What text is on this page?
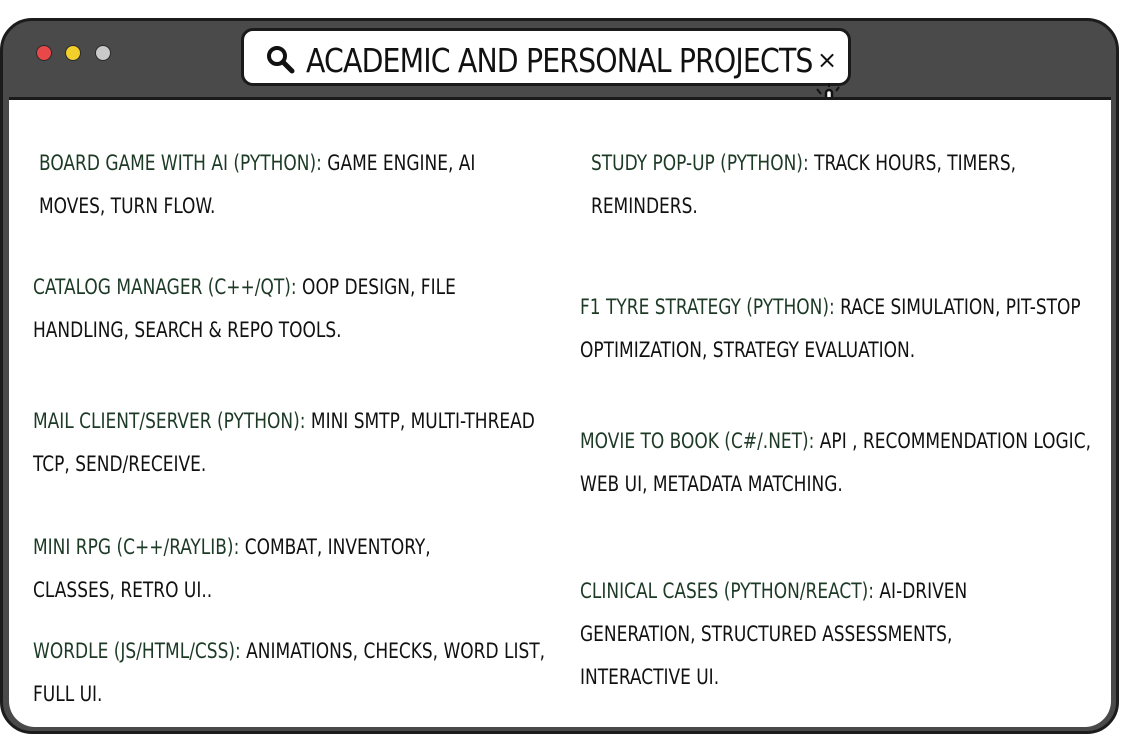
ACADEMIC AND PERSONAL PROJECTS ×
BOARD GAME WITH AI (PYTHON): GAME ENGINE, AI MOVES, TURN FLOW.
STUDY POP-UP (PYTHON): TRACK HOURS, TIMERS, REMINDERS.
CATALOG MANAGER (C++/QT): OOP DESIGN, FILE HANDLING, SEARCH & REPO TOOLS.
F1 TYRE STRATEGY (PYTHON): RACE SIMULATION, PIT-STOP OPTIMIZATION, STRATEGY EVALUATION.
MAIL CLIENT/SERVER (PYTHON): MINI SMTP, MULTI-THREAD TCP, SEND/RECEIVE.
MOVIE TO BOOK (C#/.NET): API , RECOMMENDATION LOGIC, WEB UI, METADATA MATCHING.
MINI RPG (C++/RAYLIB): COMBAT, INVENTORY, CLASSES, RETRO UI..	CLINICAL CASES (PYTHON/REACT): AI-DRIVEN GENERATION, STRUCTURED ASSESSMENTS, INTERACTIVE UI.
WORDLE (JS/HTML/CSS): ANIMATIONS, CHECKS, WORD LIST, FULL UI.
